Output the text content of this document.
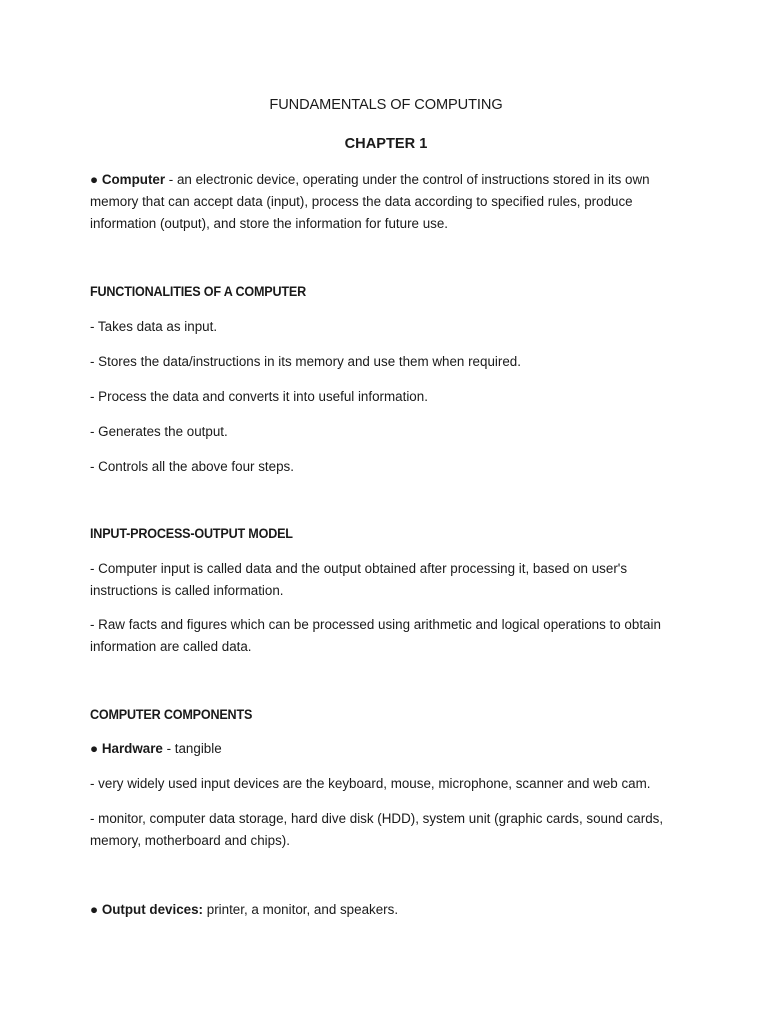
FUNDAMENTALS OF COMPUTING
CHAPTER 1

● Computer - an electronic device, operating under the control of instructions stored in its own memory that can accept data (input), process the data according to specified rules, produce information (output), and store the information for future use.

FUNCTIONALITIES OF A COMPUTER

- Takes data as input.

- Stores the data/instructions in its memory and use them when required.

- Process the data and converts it into useful information.

- Generates the output.

- Controls all the above four steps.

INPUT-PROCESS-OUTPUT MODEL

- Computer input is called data and the output obtained after processing it, based on user's instructions is called information.

- Raw facts and figures which can be processed using arithmetic and logical operations to obtain information are called data.

COMPUTER COMPONENTS

● Hardware - tangible

- very widely used input devices are the keyboard, mouse, microphone, scanner and web cam.

- monitor, computer data storage, hard dive disk (HDD), system unit (graphic cards, sound cards, memory, motherboard and chips).

● Output devices: printer, a monitor, and speakers.
